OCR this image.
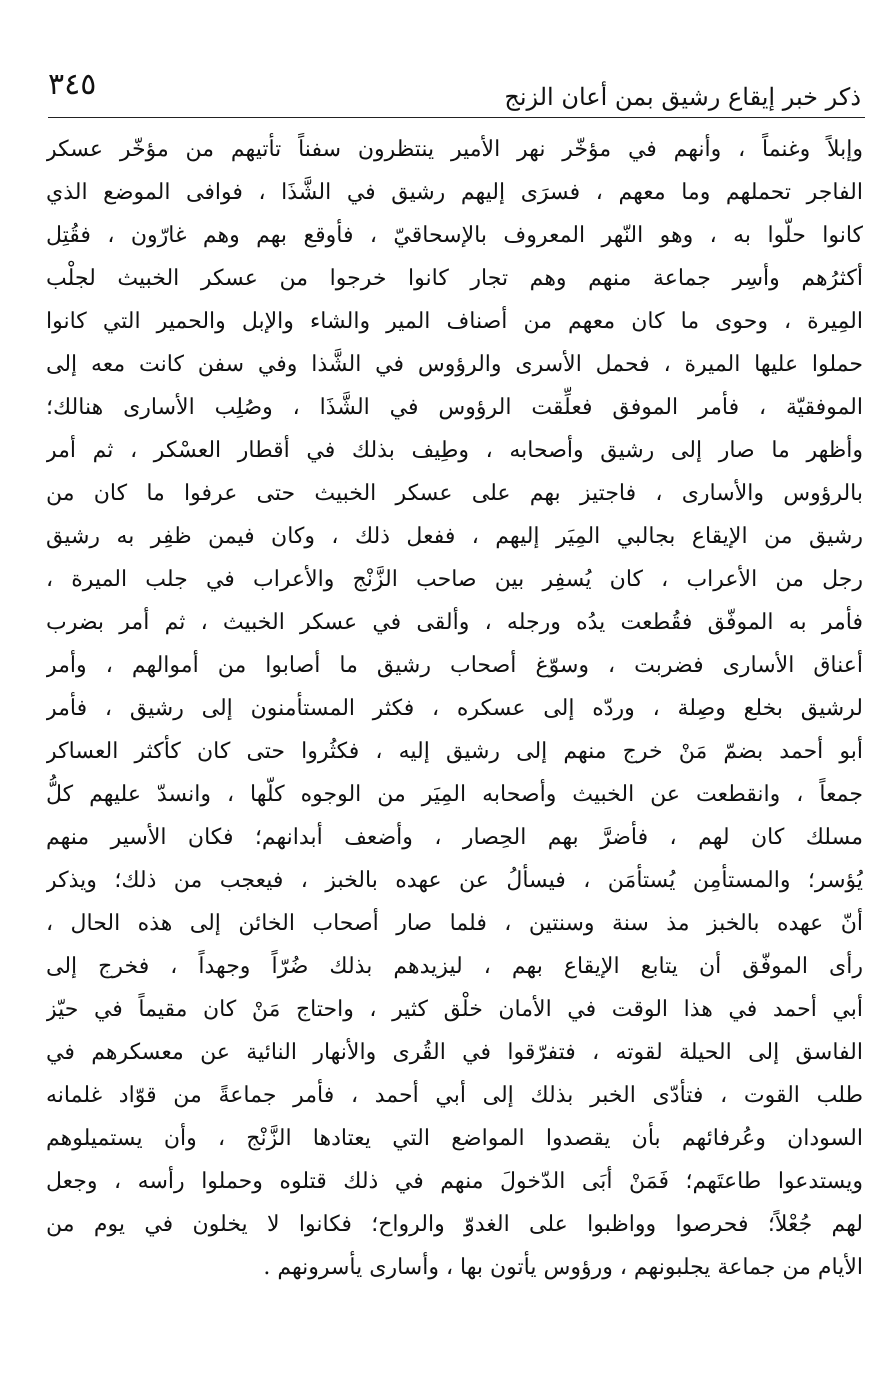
ذكر خبر إيقاع رشيق بمن أعان الزنج
٣٤٥
وإبلاً وغنماً ، وأنهم في مؤخّر نهر الأمير ينتظرون سفناً تأتيهم من مؤخّر عسكر
الفاجر تحملهم وما معهم ، فسرَى إليهم رشيق في الشَّذَا ، فوافى الموضع الذي
كانوا حلّوا به ، وهو النّهر المعروف بالإسحاقيّ ، فأوقع بهم وهم غارّون ، فقُتِل
أكثرُهم وأسِر جماعة منهم وهم تجار كانوا خرجوا من عسكر الخبيث لجلْب
المِيرة ، وحوى ما كان معهم من أصناف المير والشاء والإبل والحمير التي كانوا
حملوا عليها الميرة ، فحمل الأسرى والرؤوس في الشَّذا وفي سفن كانت معه إلى
الموفقيّة ، فأمر الموفق فعلِّقت الرؤوس في الشَّذَا ، وصُلِب الأسارى هنالك؛
وأظهر ما صار إلى رشيق وأصحابه ، وطِيف بذلك في أقطار العسْكر ، ثم أمر
بالرؤوس والأسارى ، فاجتيز بهم على عسكر الخبيث حتى عرفوا ما كان من
رشيق من الإيقاع بجالبي المِيَر إليهم ، ففعل ذلك ، وكان فيمن ظفِر به رشيق
رجل من الأعراب ، كان يُسفِر بين صاحب الزَّنْج والأعراب في جلب الميرة ،
فأمر به الموفّق فقُطعت يدُه ورجله ، وألقى في عسكر الخبيث ، ثم أمر بضرب
أعناق الأسارى فضربت ، وسوّغ أصحاب رشيق ما أصابوا من أموالهم ، وأمر
لرشيق بخلع وصِلة ، وردّه إلى عسكره ، فكثر المستأمنون إلى رشيق ، فأمر
أبو أحمد بضمّ مَنْ خرج منهم إلى رشيق إليه ، فكثُروا حتى كان كأكثر العساكر
جمعاً ، وانقطعت عن الخبيث وأصحابه المِيَر من الوجوه كلّها ، وانسدّ عليهم كلُّ
مسلك كان لهم ، فأضرَّ بهم الحِصار ، وأضعف أبدانهم؛ فكان الأسير منهم
يُؤسر؛ والمستأمِن يُستأمَن ، فيسألُ عن عهده بالخبز ، فيعجب من ذلك؛ ويذكر
أنّ عهده بالخبز مذ سنة وسنتين ، فلما صار أصحاب الخائن إلى هذه الحال ،
رأى الموفّق أن يتابع الإيقاع بهم ، ليزيدهم بذلك ضُرّاً وجهداً ، فخرج إلى
أبي أحمد في هذا الوقت في الأمان خلْق كثير ، واحتاج مَنْ كان مقيماً في حيّز
الفاسق إلى الحيلة لقوته ، فتفرّقوا في القُرى والأنهار النائية عن معسكرهم في
طلب القوت ، فتأدّى الخبر بذلك إلى أبي أحمد ، فأمر جماعةً من قوّاد غلمانه
السودان وعُرفائهم بأن يقصدوا المواضع التي يعتادها الزَّنْج ، وأن يستميلوهم
ويستدعوا طاعتَهم؛ فَمَنْ أبَى الدّخولَ منهم في ذلك قتلوه وحملوا رأسه ، وجعل
لهم جُعْلاً؛ فحرصوا وواظبوا على الغدوّ والرواح؛ فكانوا لا يخلون في يوم من
الأيام من جماعة يجلبونهم ، ورؤوس يأتون بها ، وأسارى يأسرونهم .
